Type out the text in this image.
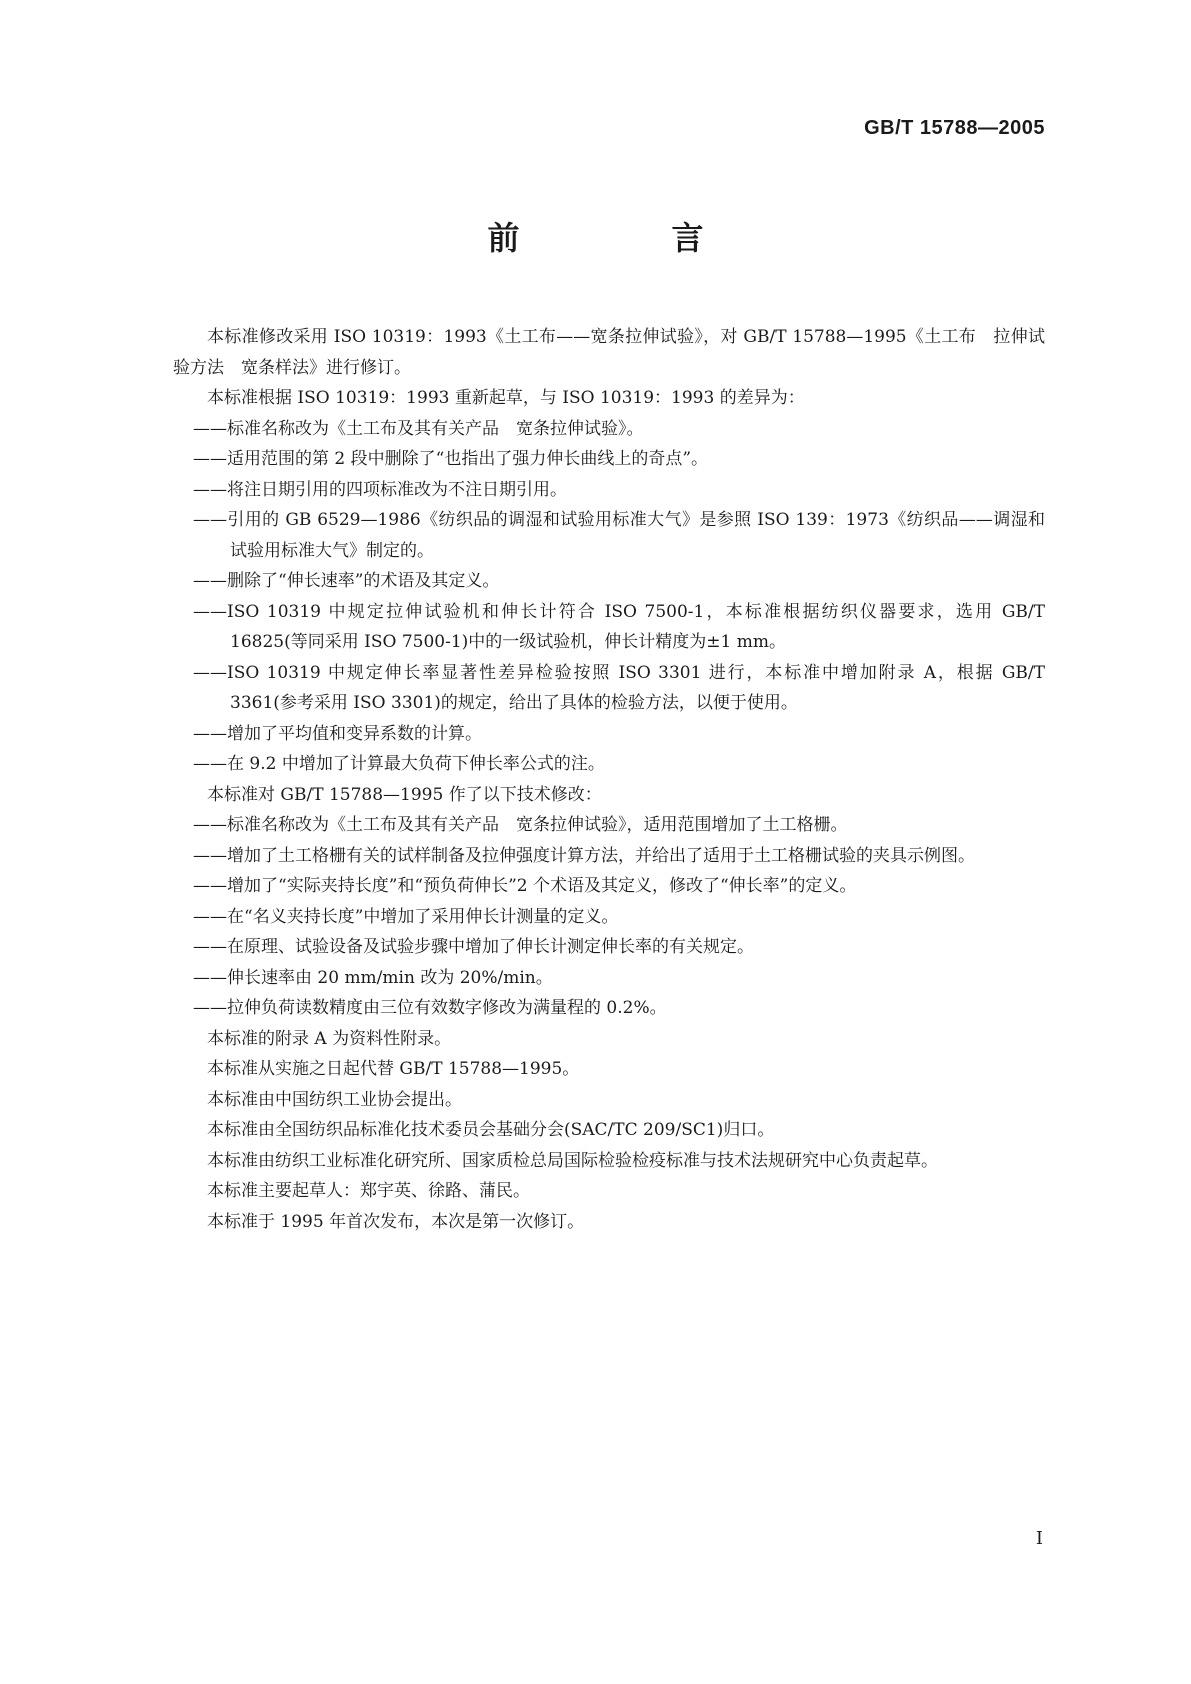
GB/T 15788—2005
前　言

本标准修改采用 ISO 10319：1993《土工布——宽条拉伸试验》，对 GB/T 15788—1995《土工布　拉伸试验方法　宽条样法》进行修订。

本标准根据 ISO 10319：1993 重新起草，与 ISO 10319：1993 的差异为：

——标准名称改为《土工布及其有关产品　宽条拉伸试验》。

——适用范围的第 2 段中删除了“也指出了强力伸长曲线上的奇点”。

——将注日期引用的四项标准改为不注日期引用。

——引用的 GB 6529—1986《纺织品的调湿和试验用标准大气》是参照 ISO 139：1973《纺织品——调湿和试验用标准大气》制定的。

——删除了“伸长速率”的术语及其定义。

——ISO 10319 中规定拉伸试验机和伸长计符合 ISO 7500-1，本标准根据纺织仪器要求，选用 GB/T 16825(等同采用 ISO 7500-1)中的一级试验机，伸长计精度为±1 mm。

——ISO 10319 中规定伸长率显著性差异检验按照 ISO 3301 进行，本标准中增加附录 A，根据 GB/T 3361(参考采用 ISO 3301)的规定，给出了具体的检验方法，以便于使用。

——增加了平均值和变异系数的计算。

——在 9.2 中增加了计算最大负荷下伸长率公式的注。

本标准对 GB/T 15788—1995 作了以下技术修改：

——标准名称改为《土工布及其有关产品　宽条拉伸试验》，适用范围增加了土工格栅。

——增加了土工格栅有关的试样制备及拉伸强度计算方法，并给出了适用于土工格栅试验的夹具示例图。

——增加了“实际夹持长度”和“预负荷伸长”2 个术语及其定义，修改了“伸长率”的定义。

——在“名义夹持长度”中增加了采用伸长计测量的定义。

——在原理、试验设备及试验步骤中增加了伸长计测定伸长率的有关规定。

——伸长速率由 20 mm/min 改为 20%/min。

——拉伸负荷读数精度由三位有效数字修改为满量程的 0.2%。

本标准的附录 A 为资料性附录。

本标准从实施之日起代替 GB/T 15788—1995。

本标准由中国纺织工业协会提出。

本标准由全国纺织品标准化技术委员会基础分会(SAC/TC 209/SC1)归口。

本标准由纺织工业标准化研究所、国家质检总局国际检验检疫标准与技术法规研究中心负责起草。

本标准主要起草人：郑宇英、徐路、蒲民。

本标准于 1995 年首次发布，本次是第一次修订。

I
